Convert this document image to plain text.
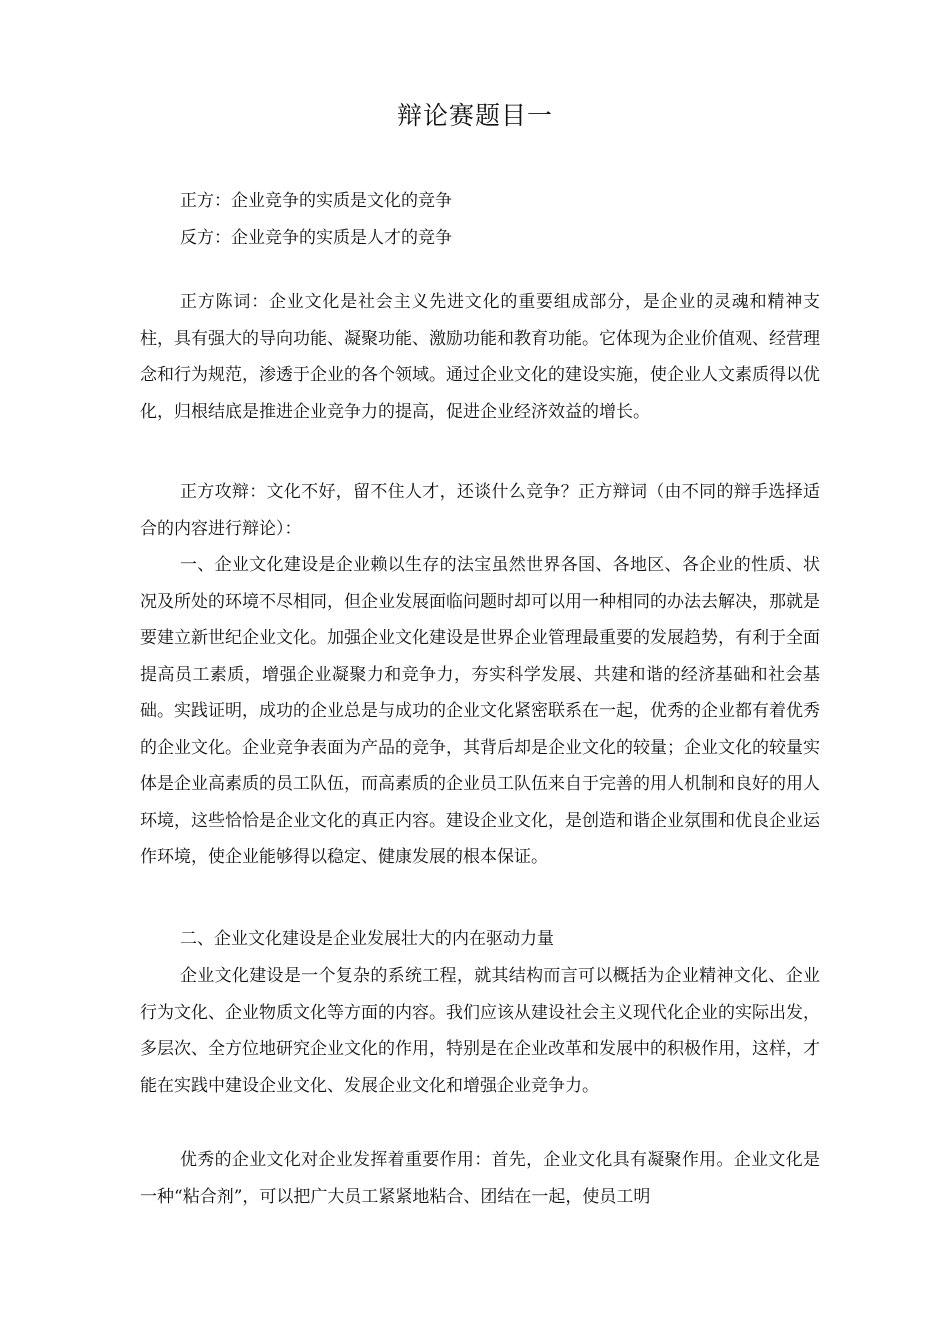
辩论赛题目一
正方：企业竞争的实质是文化的竞争
反方：企业竞争的实质是人才的竞争
正方陈词：企业文化是社会主义先进文化的重要组成部分，是企业的灵魂和精神支柱，具有强大的导向功能、凝聚功能、激励功能和教育功能。它体现为企业价值观、经营理念和行为规范，渗透于企业的各个领域。通过企业文化的建设实施，使企业人文素质得以优化，归根结底是推进企业竞争力的提高，促进企业经济效益的增长。
正方攻辩：文化不好，留不住人才，还谈什么竞争？正方辩词（由不同的辩手选择适合的内容进行辩论）：
一、企业文化建设是企业赖以生存的法宝虽然世界各国、各地区、各企业的性质、状况及所处的环境不尽相同，但企业发展面临问题时却可以用一种相同的办法去解决，那就是要建立新世纪企业文化。加强企业文化建设是世界企业管理最重要的发展趋势，有利于全面提高员工素质，增强企业凝聚力和竞争力，夯实科学发展、共建和谐的经济基础和社会基础。实践证明，成功的企业总是与成功的企业文化紧密联系在一起，优秀的企业都有着优秀的企业文化。企业竞争表面为产品的竞争，其背后却是企业文化的较量；企业文化的较量实体是企业高素质的员工队伍，而高素质的企业员工队伍来自于完善的用人机制和良好的用人环境，这些恰恰是企业文化的真正内容。建设企业文化，是创造和谐企业氛围和优良企业运作环境，使企业能够得以稳定、健康发展的根本保证。
二、企业文化建设是企业发展壮大的内在驱动力量
企业文化建设是一个复杂的系统工程，就其结构而言可以概括为企业精神文化、企业行为文化、企业物质文化等方面的内容。我们应该从建设社会主义现代化企业的实际出发，多层次、全方位地研究企业文化的作用，特别是在企业改革和发展中的积极作用，这样，才能在实践中建设企业文化、发展企业文化和增强企业竞争力。
优秀的企业文化对企业发挥着重要作用：首先，企业文化具有凝聚作用。企业文化是一种“粘合剂”，可以把广大员工紧紧地粘合、团结在一起，使员工明
